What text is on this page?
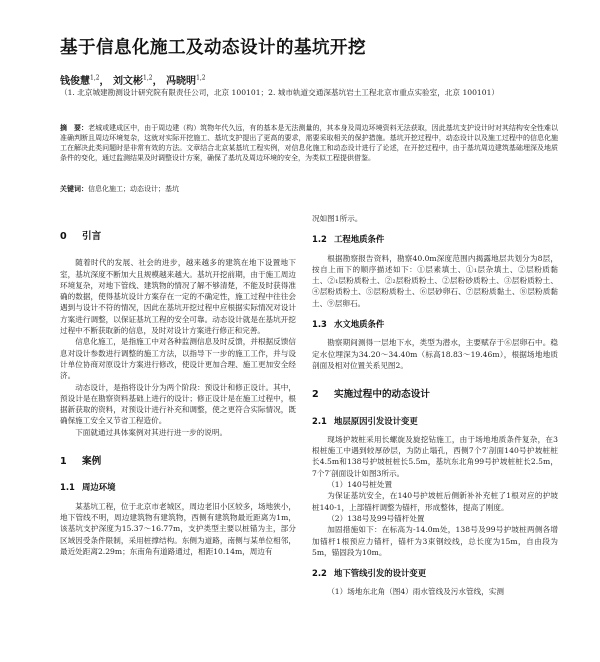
基于信息化施工及动态设计的基坑开挖
钱俊慧$^{1,2}$， 刘文彬$^{1,2}$， 冯晓明$^{1,2}$
（1. 北京城建勘测设计研究院有限责任公司，北京 100101；2. 城市轨道交通深基坑岩土工程北京市重点实验室，北京 100101）
摘　要：老城或建成区中，由于周边建（构）筑物年代久远，有的基本是无法测量的，其本身及周边环境资料无法获取，因此基坑支护设计时对其结构安全性难以准确判断且周边环境复杂，这就对实际开挖施工、基坑支护提出了更高的要求，需要采取相关的保护措施。基坑开挖过程中，动态设计以及施工过程中的信息化施工在解决此类问题时是非常有效的方法。文章结合北京某基坑工程实例，对信息化施工和动态设计进行了论述，在开挖过程中，由于基坑周边建筑基础埋深及地质条件的变化，通过监测结果及时调整设计方案，确保了基坑及周边环境的安全，为类似工程提供借鉴。
关键词：信息化施工；动态设计；基坑
0 引言

随着时代的发展、社会的进步，越来越多的建筑在地下设置地下室，基坑深度不断加大且规模越来越大。基坑开挖前期，由于施工周边环境复杂，对地下管线、建筑物的情况了解不够清楚，不能及时获得准确的数据，使得基坑设计方案存在一定的不确定性，施工过程中往往会遇到与设计不符的情况，因此在基坑开挖过程中应根据实际情况对设计方案进行调整，以保证基坑工程的安全可靠。动态设计就是在基坑开挖过程中不断获取新的信息，及时对设计方案进行修正和完善。

信息化施工，是指施工中对各种监测信息及时反馈，并根据反馈信息对设计参数进行调整的施工方法，以指导下一步的施工工作，并与设计单位协商对原设计方案进行修改，使设计更加合理、施工更加安全经济。

动态设计，是指将设计分为两个阶段：预设计和修正设计。其中，预设计是在勘察资料基础上进行的设计；修正设计是在施工过程中，根据新获取的资料，对预设计进行补充和调整，使之更符合实际情况，既确保施工安全又节省工程造价。

下面就通过具体案例对其进行进一步的说明。

1 案例
1.1 周边环境

某基坑工程，位于北京市老城区，周边老旧小区较多，场地狭小，地下管线不明，周边建筑物有建筑物，西侧有建筑物最近距离为1m，该基坑支护深度为15.37～16.77m，支护类型主要以桩锚为主，部分区域因受条件限制，采用桩撑结构。东侧为道路，南侧与某单位相邻，最近处距离2.29m；东南角有道路通过，相距10.14m，周边有

况如图1所示。

1.2 工程地质条件

根据勘察报告资料，勘察40.0m深度范围内揭露地层共划分为8层，按自上而下的顺序描述如下：①层素填土、①₁层杂填土、②层粉质黏土、②₁层粉质粉土、②₂层粉质粉土、②层粉砂质粉土、③层粉质粉土、④层粉质粉土、⑤层粉质粉土、⑥层砂卵石、⑦层粉质黏土、⑧层粉质黏土、⑨层卵石。

1.3 水文地质条件

勘察期间测得一层地下水，类型为潜水，主要赋存于⑥层卵石中。稳定水位埋深为34.20～34.40m（标高18.83～19.46m），根据场地地质剖面及相对位置关系见图2。

2 实施过程中的动态设计
2.1 地层原因引发设计变更

现场护坡桩采用长螺旋及旋挖钻施工，由于场地地质条件复杂，在3根桩施工中遇到较厚砂层，为防止塌孔，西侧7个7′剖面140号护坡桩桩长4.5m和138号护坡桩桩长5.5m，基坑东北角99号护坡桩桩长2.5m，7个7′剖面设计如图3所示。

（1）140号桩处置

为保证基坑安全，在140号护坡桩后侧新补补充桩了1根对应的护坡桩140-1，上部锚杆调整为锚杆，形成整体，提高了刚度。

（2）138号及99号锚杆处置

加固措施如下：在标高为-14.0m处，138号及99号护坡桩两侧各增加锚杆1根预应力锚杆，锚杆为3束钢绞线，总长度为15m，自由段为5m，锚固段为10m。

2.2 地下管线引发的设计变更

（1）场地东北角（图4）雨水管线及污水管线，实测
